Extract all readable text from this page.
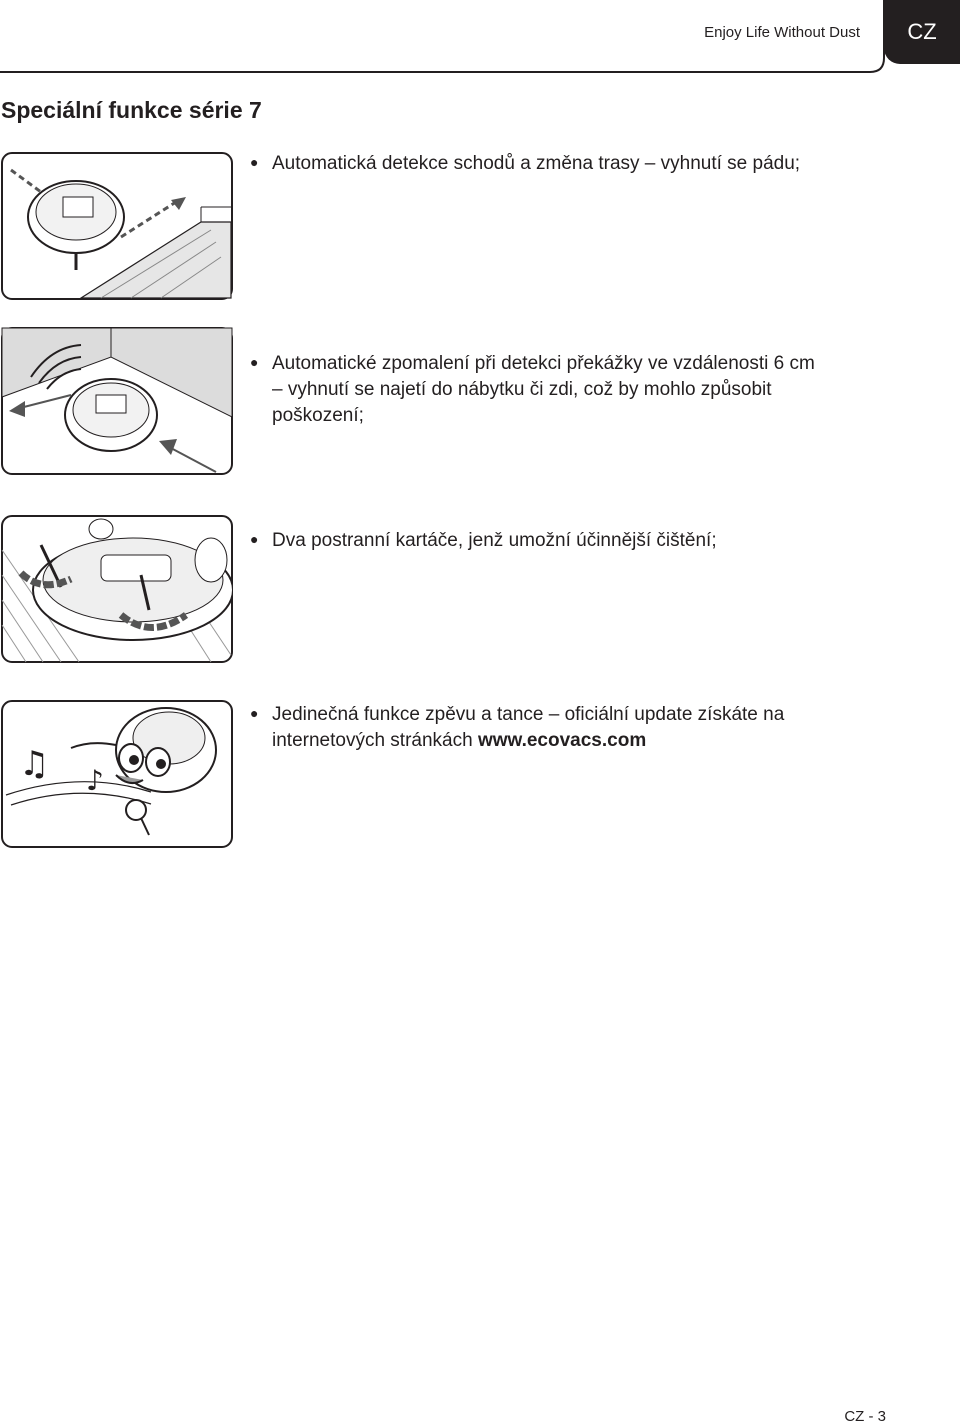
Enjoy Life Without Dust	CZ
Speciální funkce série 7
● Automatická detekce schodů a změna trasy – vyhnutí se pádu;
● Automatické zpomalení při detekci překážky ve vzdálenosti 6 cm
– vyhnutí se najetí do nábytku či zdi, což by mohlo způsobit
poškození;
● Dva postranní kartáče, jenž umožní účinnější čištění;
♫ ♪
● Jedinečná funkce zpěvu a tance – oficiální update získáte na
internetových stránkách www.ecovacs.com
CZ - 3
